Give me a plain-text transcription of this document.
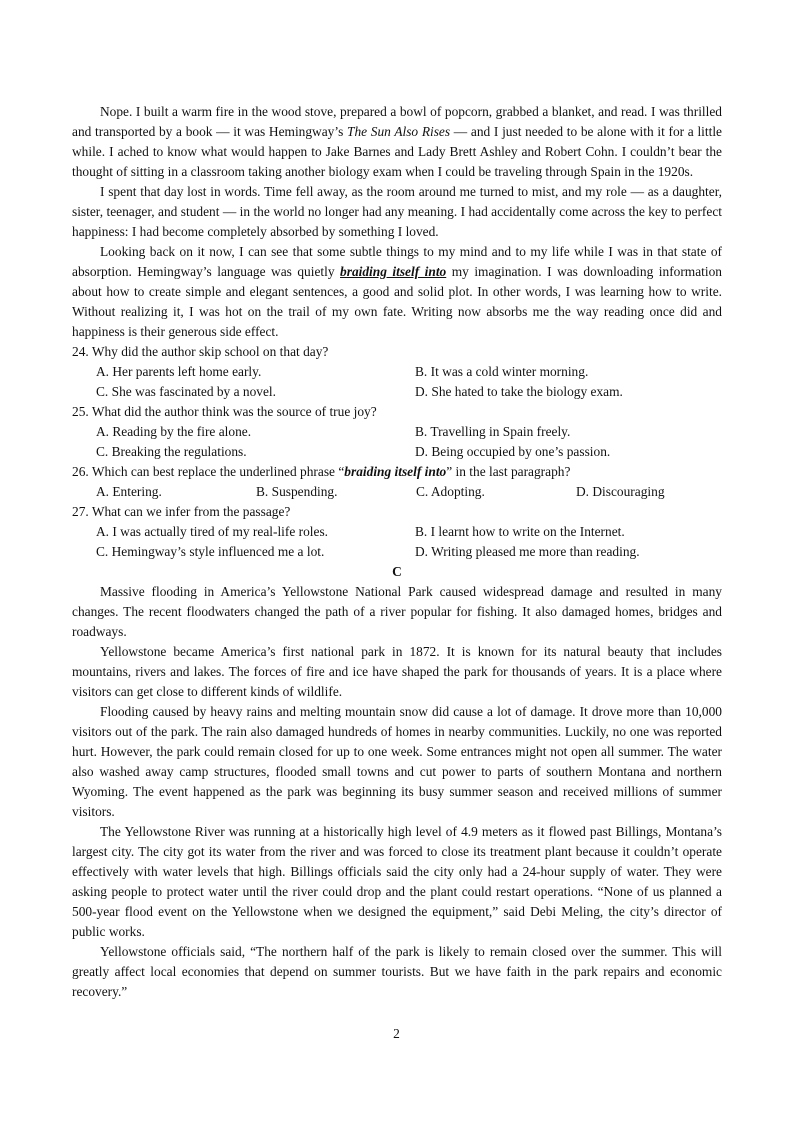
Nope. I built a warm fire in the wood stove, prepared a bowl of popcorn, grabbed a blanket, and read. I was thrilled and transported by a book — it was Hemingway’s The Sun Also Rises — and I just needed to be alone with it for a little while. I ached to know what would happen to Jake Barnes and Lady Brett Ashley and Robert Cohn. I couldn’t bear the thought of sitting in a classroom taking another biology exam when I could be traveling through Spain in the 1920s.

I spent that day lost in words. Time fell away, as the room around me turned to mist, and my role — as a daughter, sister, teenager, and student — in the world no longer had any meaning. I had accidentally come across the key to perfect happiness: I had become completely absorbed by something I loved.

Looking back on it now, I can see that some subtle things to my mind and to my life while I was in that state of absorption. Hemingway’s language was quietly braiding itself into my imagination. I was downloading information about how to create simple and elegant sentences, a good and solid plot. In other words, I was learning how to write. Without realizing it, I was hot on the trail of my own fate. Writing now absorbs me the way reading once did and happiness is their generous side effect.

24. Why did the author skip school on that day?

A. Her parents left home early.	B. It was a cold winter morning.
C. She was fascinated by a novel.	D. She hated to take the biology exam.

25. What did the author think was the source of true joy?

A. Reading by the fire alone.	B. Travelling in Spain freely.
C. Breaking the regulations.	D. Being occupied by one’s passion.

26. Which can best replace the underlined phrase “braiding itself into” in the last paragraph?

A. Entering.	B. Suspending.	C. Adopting.	D. Discouraging

27. What can we infer from the passage?

A. I was actually tired of my real-life roles.	B. I learnt how to write on the Internet.
C. Hemingway’s style influenced me a lot.	D. Writing pleased me more than reading.

C

Massive flooding in America’s Yellowstone National Park caused widespread damage and resulted in many changes. The recent floodwaters changed the path of a river popular for fishing. It also damaged homes, bridges and roadways.

Yellowstone became America’s first national park in 1872. It is known for its natural beauty that includes mountains, rivers and lakes. The forces of fire and ice have shaped the park for thousands of years. It is a place where visitors can get close to different kinds of wildlife.

Flooding caused by heavy rains and melting mountain snow did cause a lot of damage. It drove more than 10,000 visitors out of the park. The rain also damaged hundreds of homes in nearby communities. Luckily, no one was reported hurt. However, the park could remain closed for up to one week. Some entrances might not open all summer. The water also washed away camp structures, flooded small towns and cut power to parts of southern Montana and northern Wyoming. The event happened as the park was beginning its busy summer season and received millions of summer visitors.

The Yellowstone River was running at a historically high level of 4.9 meters as it flowed past Billings, Montana’s largest city. The city got its water from the river and was forced to close its treatment plant because it couldn’t operate effectively with water levels that high. Billings officials said the city only had a 24-hour supply of water. They were asking people to protect water until the river could drop and the plant could restart operations. “None of us planned a 500-year flood event on the Yellowstone when we designed the equipment,” said Debi Meling, the city’s director of public works.

Yellowstone officials said, “The northern half of the park is likely to remain closed over the summer. This will greatly affect local economies that depend on summer tourists. But we have faith in the park repairs and economic recovery.”

2
